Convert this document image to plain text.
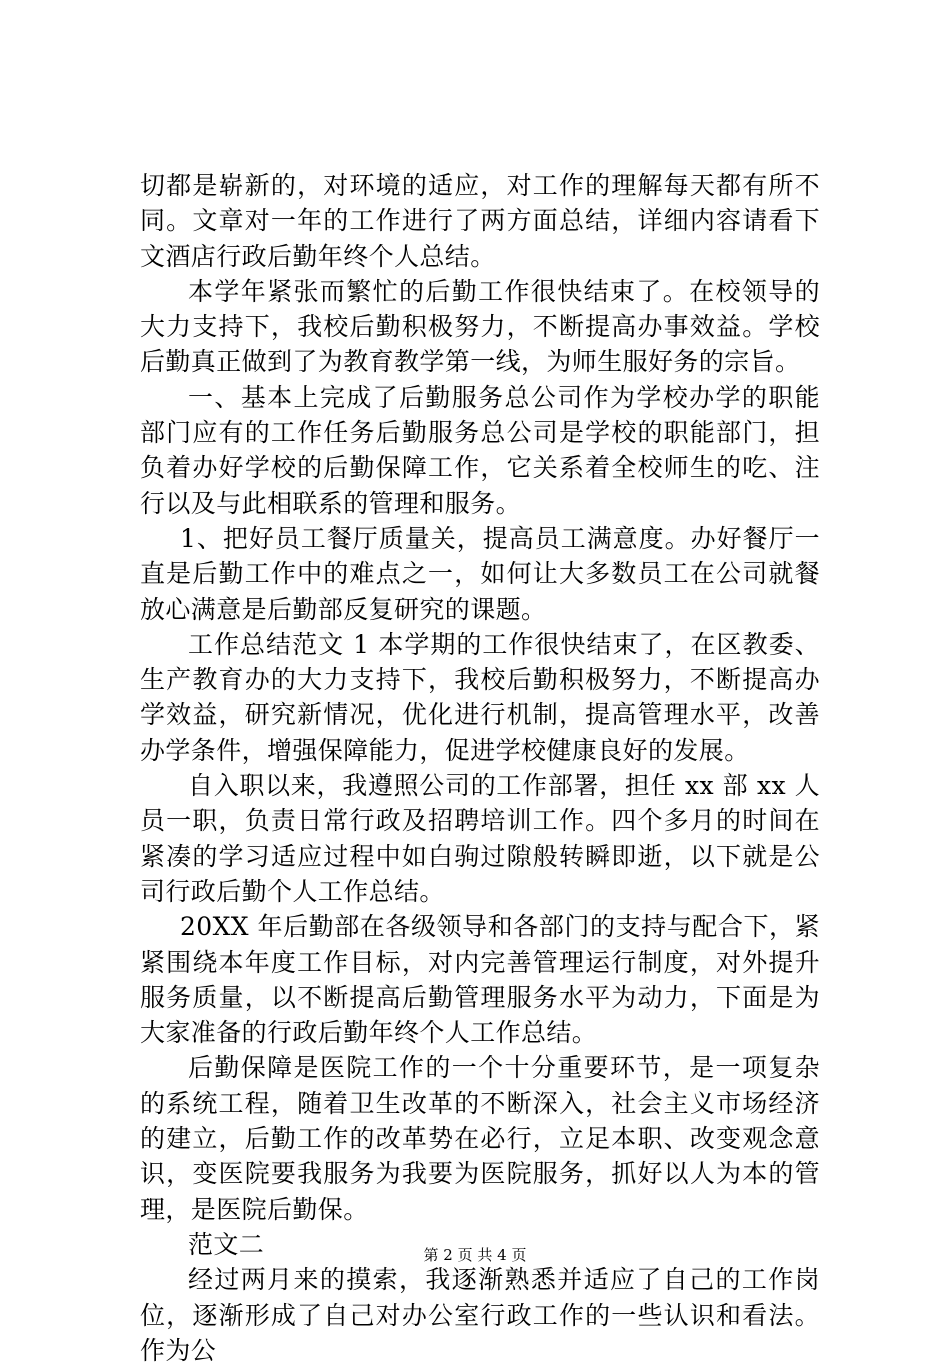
切都是崭新的，对环境的适应，对工作的理解每天都有所不同。文章对一年的工作进行了两方面总结，详细内容请看下文酒店行政后勤年终个人总结。

本学年紧张而繁忙的后勤工作很快结束了。在校领导的大力支持下，我校后勤积极努力，不断提高办事效益。学校后勤真正做到了为教育教学第一线，为师生服好务的宗旨。

一、基本上完成了后勤服务总公司作为学校办学的职能部门应有的工作任务后勤服务总公司是学校的职能部门，担负着办好学校的后勤保障工作，它关系着全校师生的吃、注行以及与此相联系的管理和服务。

1、把好员工餐厅质量关，提高员工满意度。办好餐厅一直是后勤工作中的难点之一，如何让大多数员工在公司就餐放心满意是后勤部反复研究的课题。

工作总结范文 1 本学期的工作很快结束了，在区教委、生产教育办的大力支持下，我校后勤积极努力，不断提高办学效益，研究新情况，优化进行机制，提高管理水平，改善办学条件，增强保障能力，促进学校健康良好的发展。

自入职以来，我遵照公司的工作部署，担任 xx 部 xx 人员一职，负责日常行政及招聘培训工作。四个多月的时间在紧凑的学习适应过程中如白驹过隙般转瞬即逝，以下就是公司行政后勤个人工作总结。

20XX 年后勤部在各级领导和各部门的支持与配合下，紧紧围绕本年度工作目标，对内完善管理运行制度，对外提升服务质量，以不断提高后勤管理服务水平为动力，下面是为大家准备的行政后勤年终个人工作总结。

后勤保障是医院工作的一个十分重要环节，是一项复杂的系统工程，随着卫生改革的不断深入，社会主义市场经济的建立，后勤工作的改革势在必行，立足本职、改变观念意识，变医院要我服务为我要为医院服务，抓好以人为本的管理，是医院后勤保。

范文二

经过两月来的摸索，我逐渐熟悉并适应了自己的工作岗位，逐渐形成了自己对办公室行政工作的一些认识和看法。作为公

第 2 页 共 4 页
